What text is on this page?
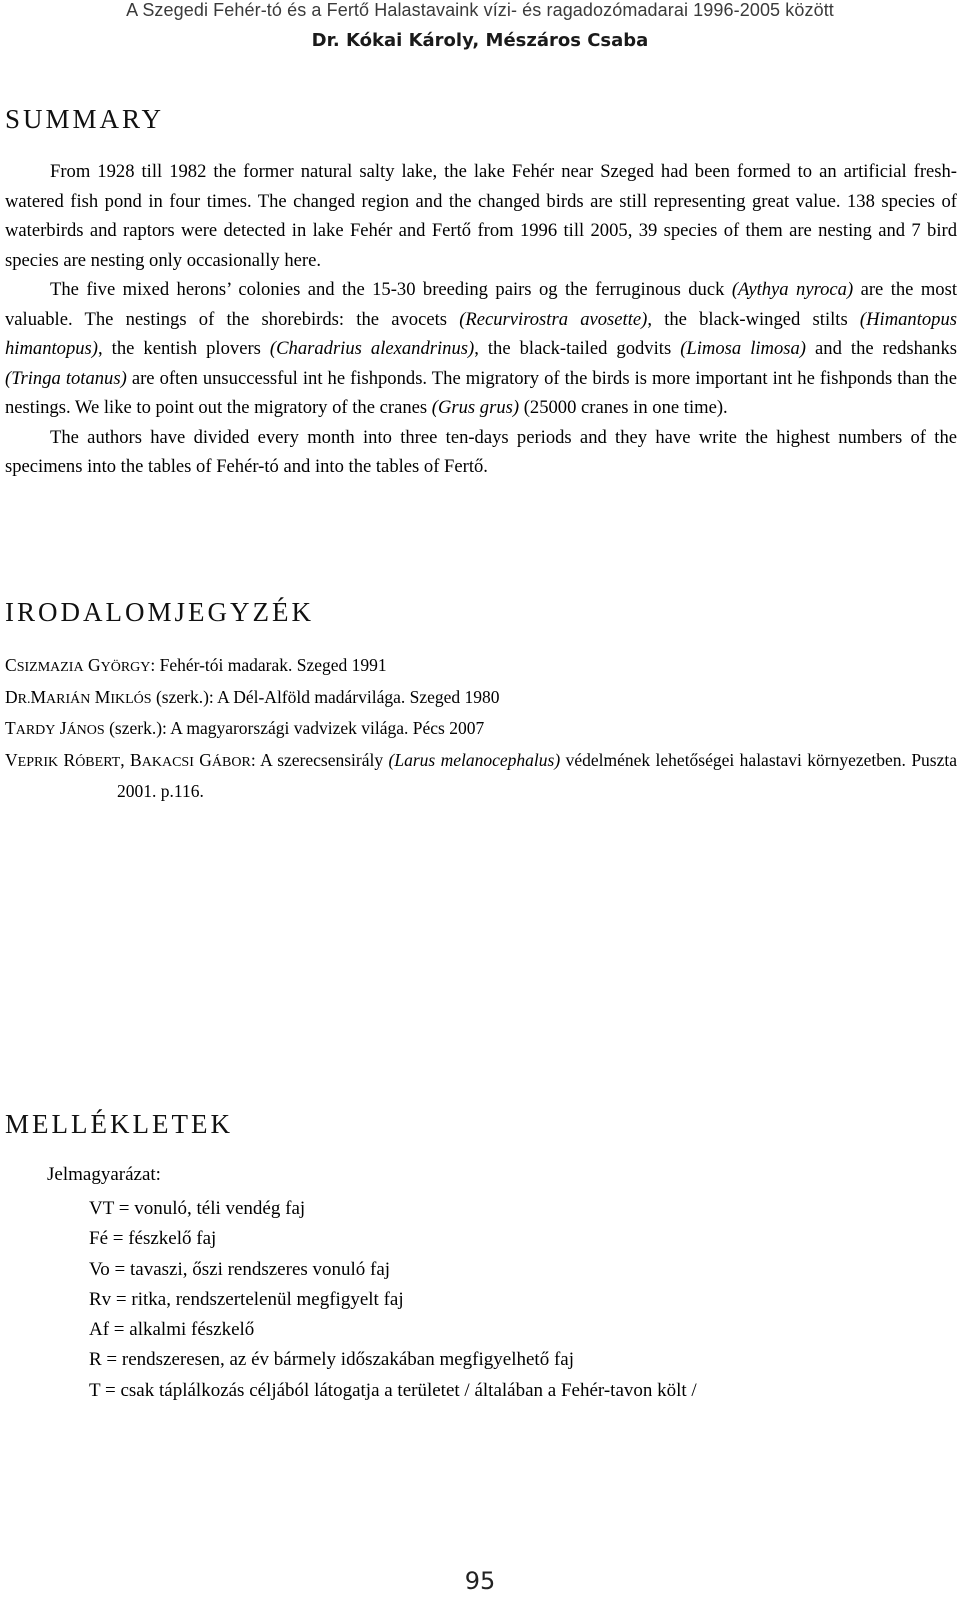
A Szegedi Fehér-tó és a Fertő Halastavaink vízi- és ragadozómadarai 1996-2005 között
Dr. Kókai Károly, Mészáros Csaba
SUMMARY

From 1928 till 1982 the former natural salty lake, the lake Fehér near Szeged had been formed to an artificial fresh-watered fish pond in four times. The changed region and the changed birds are still representing great value. 138 species of waterbirds and raptors were detected in lake Fehér and Fertő from 1996 till 2005, 39 species of them are nesting and 7 bird species are nesting only occasionally here.

The five mixed herons’ colonies and the 15-30 breeding pairs og the ferruginous duck (Aythya nyroca) are the most valuable. The nestings of the shorebirds: the avocets (Recurvirostra avosette), the black-winged stilts (Himantopus himantopus), the kentish plovers (Charadrius alexandrinus), the black-tailed godvits (Limosa limosa) and the redshanks (Tringa totanus) are often unsuccessful int he fishponds. The migratory of the birds is more important int he fishponds than the nestings. We like to point out the migratory of the cranes (Grus grus) (25000 cranes in one time).

The authors have divided every month into three ten-days periods and they have write the highest numbers of the specimens into the tables of Fehér-tó and into the tables of Fertő.

IRODALOMJEGYZÉK

CSIZMAZIA GYÖRGY: Fehér-tói madarak. Szeged 1991

DR.MARIÁN MIKLÓS (szerk.): A Dél-Alföld madárvilága. Szeged 1980

TARDY JÁNOS (szerk.): A magyarországi vadvizek világa. Pécs 2007

VEPRIK RÓBERT, BAKACSI GÁBOR: A szerecsensirály (Larus melanocephalus) védelmének lehetőségei halastavi környezetben. Puszta 2001. p.116.

MELLÉKLETEK
Jelmagyarázat:
VT = vonuló, téli vendég faj
Fé = fészkelő faj
Vo = tavaszi, őszi rendszeres vonuló faj
Rv = ritka, rendszertelenül megfigyelt faj
Af = alkalmi fészkelő
R = rendszeresen, az év bármely időszakában megfigyelhető faj
T = csak táplálkozás céljából látogatja a területet / általában a Fehér-tavon költ /
95
